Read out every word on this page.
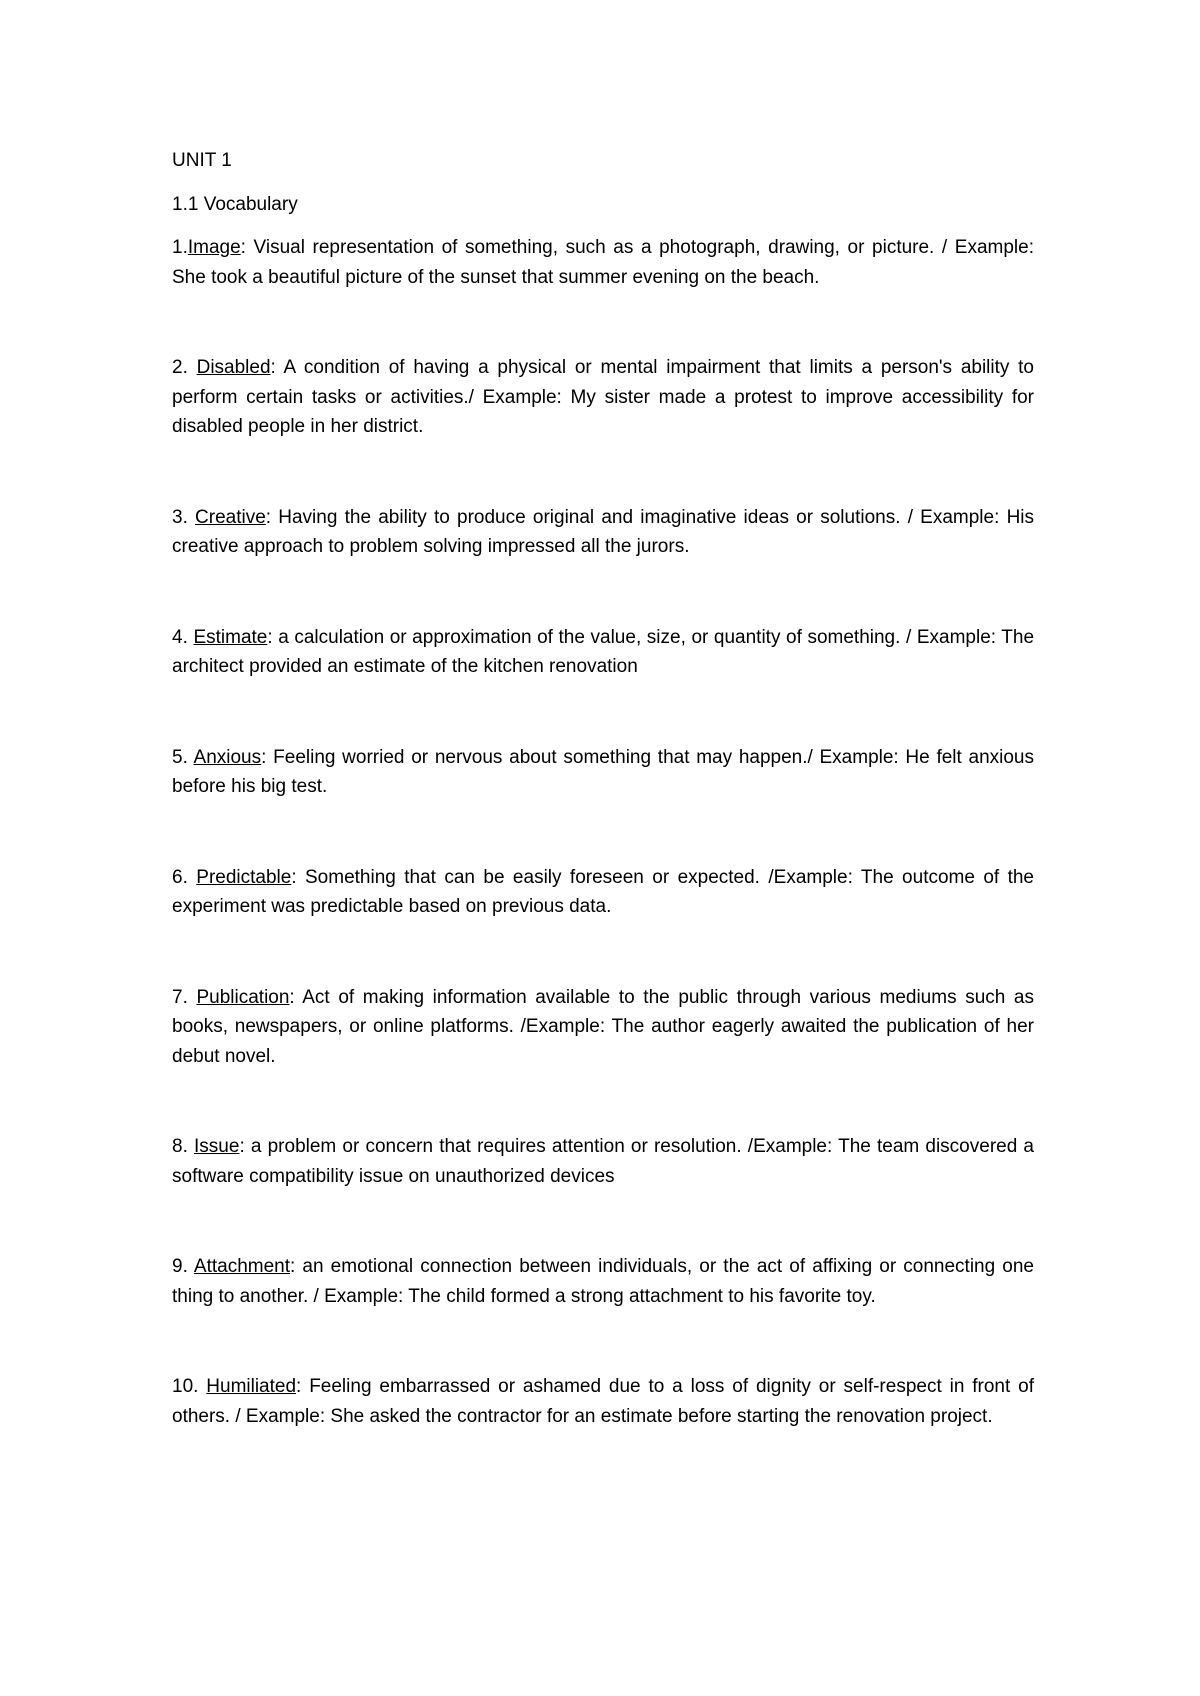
UNIT 1

1.1 Vocabulary

1.Image: Visual representation of something, such as a photograph, drawing, or picture. / Example: She took a beautiful picture of the sunset that summer evening on the beach.

2. Disabled: A condition of having a physical or mental impairment that limits a person's ability to perform certain tasks or activities./ Example: My sister made a protest to improve accessibility for disabled people in her district.

3. Creative: Having the ability to produce original and imaginative ideas or solutions. / Example: His creative approach to problem solving impressed all the jurors.

4. Estimate: a calculation or approximation of the value, size, or quantity of something. / Example: The architect provided an estimate of the kitchen renovation

5. Anxious: Feeling worried or nervous about something that may happen./ Example: He felt anxious before his big test.

6. Predictable: Something that can be easily foreseen or expected. /Example: The outcome of the experiment was predictable based on previous data.

7. Publication: Act of making information available to the public through various mediums such as books, newspapers, or online platforms. /Example: The author eagerly awaited the publication of her debut novel.

8. Issue: a problem or concern that requires attention or resolution. /Example: The team discovered a software compatibility issue on unauthorized devices

9. Attachment: an emotional connection between individuals, or the act of affixing or connecting one thing to another. / Example: The child formed a strong attachment to his favorite toy.

10. Humiliated: Feeling embarrassed or ashamed due to a loss of dignity or self-respect in front of others. / Example: She asked the contractor for an estimate before starting the renovation project.
